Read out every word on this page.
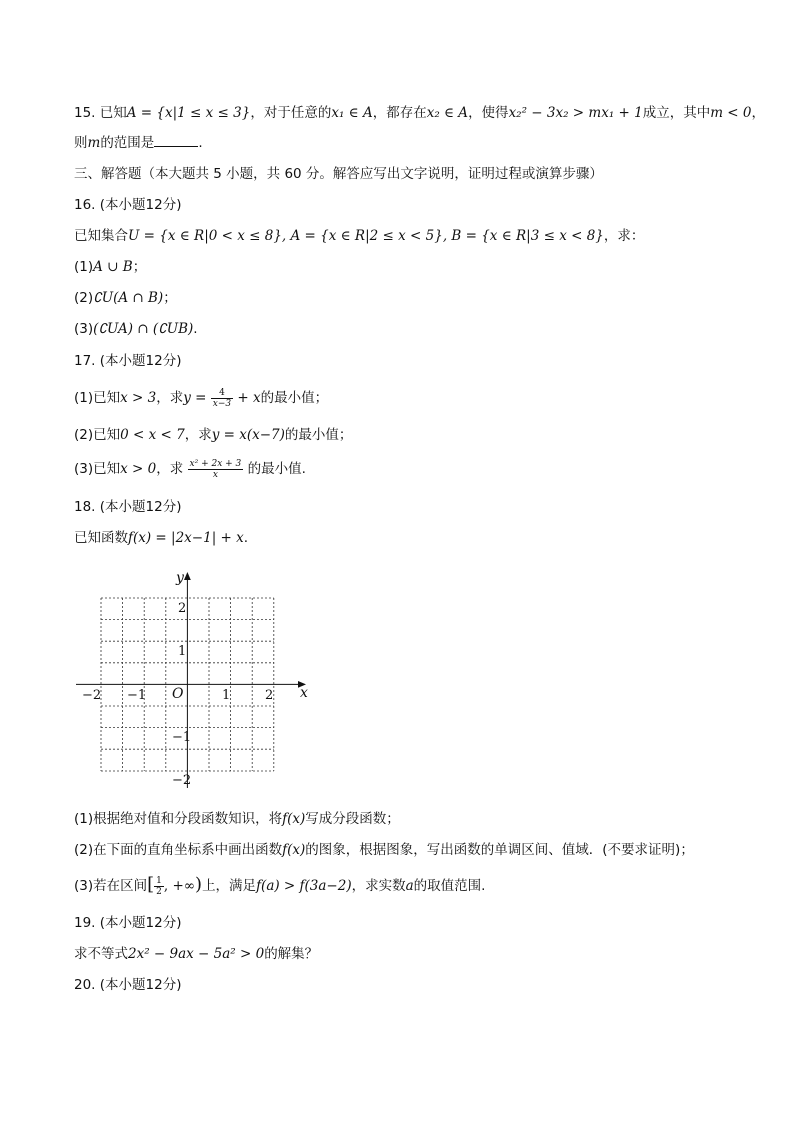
15. 已知A = {x|1 ≤ x ≤ 3}，对于任意的x₁ ∈ A，都存在x₂ ∈ A，使得x₂² − 3x₂ > mx₁ + 1成立，其中m < 0，
则m的范围是	.
三、解答题（本大题共 5 小题，共 60 分。解答应写出文字说明，证明过程或演算步骤）
16. (本小题12分)
已知集合U = {x ∈ R|0 < x ≤ 8}, A = {x ∈ R|2 ≤ x < 5}, B = {x ∈ R|3 ≤ x < 8}，求：
(1)A ∪ B；
(2)∁U(A ∩ B)；
(3)(∁UA) ∩ (∁UB).
17. (本小题12分)
(1)已知x > 3，求$y = \frac{4}{x-3} + x$的最小值；
(2)已知0 < x < 7，求y = x(x−7)的最小值；
(3)已知x > 0，求 $\frac{\text{x² + 2x + 3}}{x}$ 的最小值.
18. (本小题12分)
已知函数f(x) = |2x−1| + x.
x
y
O
−2 −1	1	2
2
1
−1
−2
(1)根据绝对值和分段函数知识，将f(x)写成分段函数；
(2)在下面的直角坐标系中画出函数f(x)的图象，根据图象，写出函数的单调区间、值域．(不要求证明)；
(3)若在区间[ $\frac{1}{2}$ , +∞)上，满足f(a) > f(3a−2)，求实数a的取值范围.
19. (本小题12分)
求不等式2x² − 9ax − 5a² > 0的解集？
20. (本小题12分)
